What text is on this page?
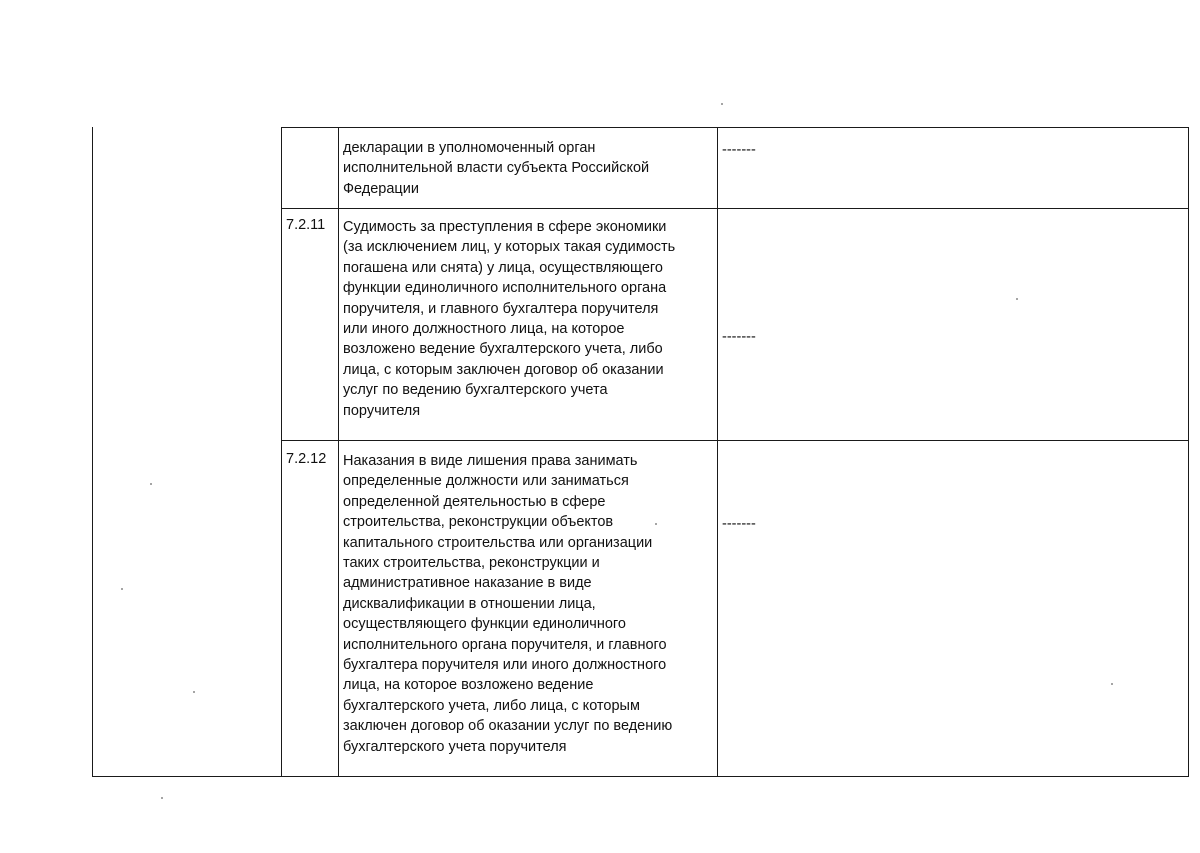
декларации в уполномоченный орган
исполнительной власти субъекта Российской
Федерации
-------
7.2.11 Судимость за преступления в сфере экономики
(за исключением лиц, у которых такая судимость
погашена или снята) у лица, осуществляющего
функции единоличного исполнительного органа
поручителя, и главного бухгалтера поручителя
или иного должностного лица, на которое
возложено ведение бухгалтерского учета, либо
лица, с которым заключен договор об оказании
услуг по ведению бухгалтерского учета
поручителя
-------
7.2.12 Наказания в виде лишения права занимать
определенные должности или заниматься
определенной деятельностью в сфере
строительства, реконструкции объектов
капитального строительства или организации
таких строительства, реконструкции и
административное наказание в виде
дисквалификации в отношении лица,
осуществляющего функции единоличного
исполнительного органа поручителя, и главного
бухгалтера поручителя или иного должностного
лица, на которое возложено ведение
бухгалтерского учета, либо лица, с которым
заключен договор об оказании услуг по ведению
бухгалтерского учета поручителя
-------
